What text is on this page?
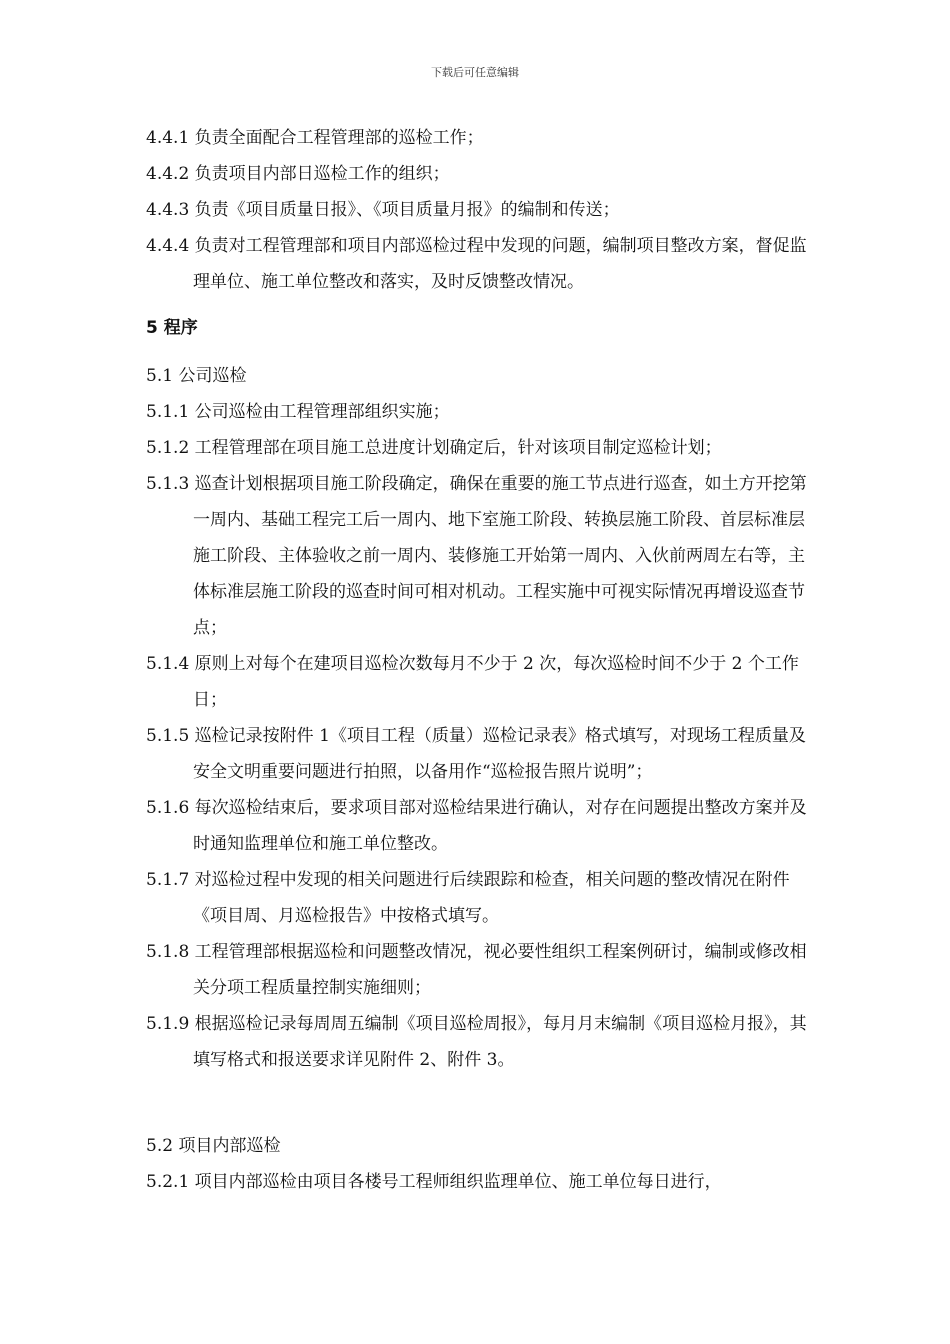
下载后可任意编辑

4.4.1 负责全面配合工程管理部的巡检工作；

4.4.2 负责项目内部日巡检工作的组织；

4.4.3 负责《项目质量日报》、《项目质量月报》的编制和传送；

4.4.4 负责对工程管理部和项目内部巡检过程中发现的问题，编制项目整改方案，督促监理单位、施工单位整改和落实，及时反馈整改情况。

5 程序

5.1 公司巡检

5.1.1 公司巡检由工程管理部组织实施；

5.1.2 工程管理部在项目施工总进度计划确定后，针对该项目制定巡检计划；

5.1.3 巡查计划根据项目施工阶段确定，确保在重要的施工节点进行巡查，如土方开挖第一周内、基础工程完工后一周内、地下室施工阶段、转换层施工阶段、首层标准层施工阶段、主体验收之前一周内、装修施工开始第一周内、入伙前两周左右等，主体标准层施工阶段的巡查时间可相对机动。工程实施中可视实际情况再增设巡查节点；

5.1.4 原则上对每个在建项目巡检次数每月不少于 2 次，每次巡检时间不少于 2 个工作日；

5.1.5 巡检记录按附件 1《项目工程（质量）巡检记录表》格式填写，对现场工程质量及安全文明重要问题进行拍照，以备用作“巡检报告照片说明”；

5.1.6 每次巡检结束后，要求项目部对巡检结果进行确认，对存在问题提出整改方案并及时通知监理单位和施工单位整改。

5.1.7 对巡检过程中发现的相关问题进行后续跟踪和检查，相关问题的整改情况在附件《项目周、月巡检报告》中按格式填写。

5.1.8 工程管理部根据巡检和问题整改情况，视必要性组织工程案例研讨，编制或修改相关分项工程质量控制实施细则；

5.1.9 根据巡检记录每周周五编制《项目巡检周报》，每月月末编制《项目巡检月报》，其填写格式和报送要求详见附件 2、附件 3。

5.2 项目内部巡检

5.2.1 项目内部巡检由项目各楼号工程师组织监理单位、施工单位每日进行，
